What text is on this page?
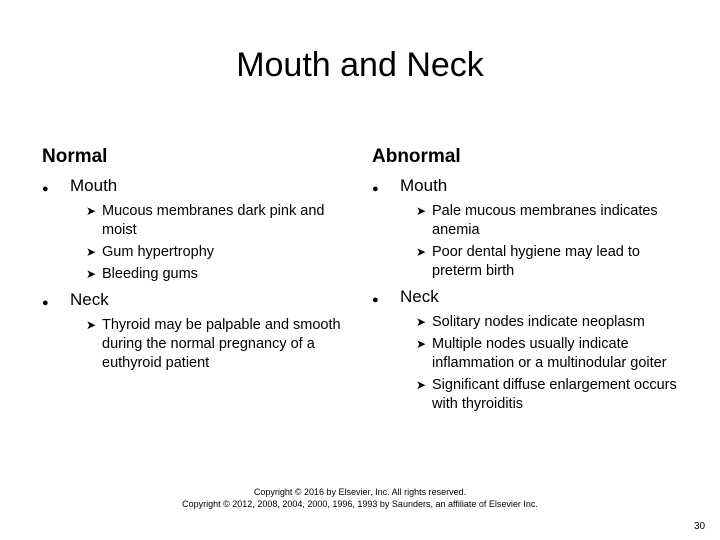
Mouth and Neck
Normal	Abnormal
● Mouth
➤ Mucous membranes dark pink and moist
➤ Gum hypertrophy
➤ Bleeding gums
● Neck
➤ Thyroid may be palpable and smooth during the normal pregnancy of a euthyroid patient
● Mouth
➤ Pale mucous membranes indicates anemia
➤ Poor dental hygiene may lead to preterm birth
● Neck
➤ Solitary nodes indicate neoplasm
➤ Multiple nodes usually indicate inflammation or a multinodular goiter
➤ Significant diffuse enlargement occurs with thyroiditis
Copyright © 2016 by Elsevier, Inc. All rights reserved.
Copyright © 2012, 2008, 2004, 2000, 1996, 1993 by Saunders, an affiliate of Elsevier Inc.
30
